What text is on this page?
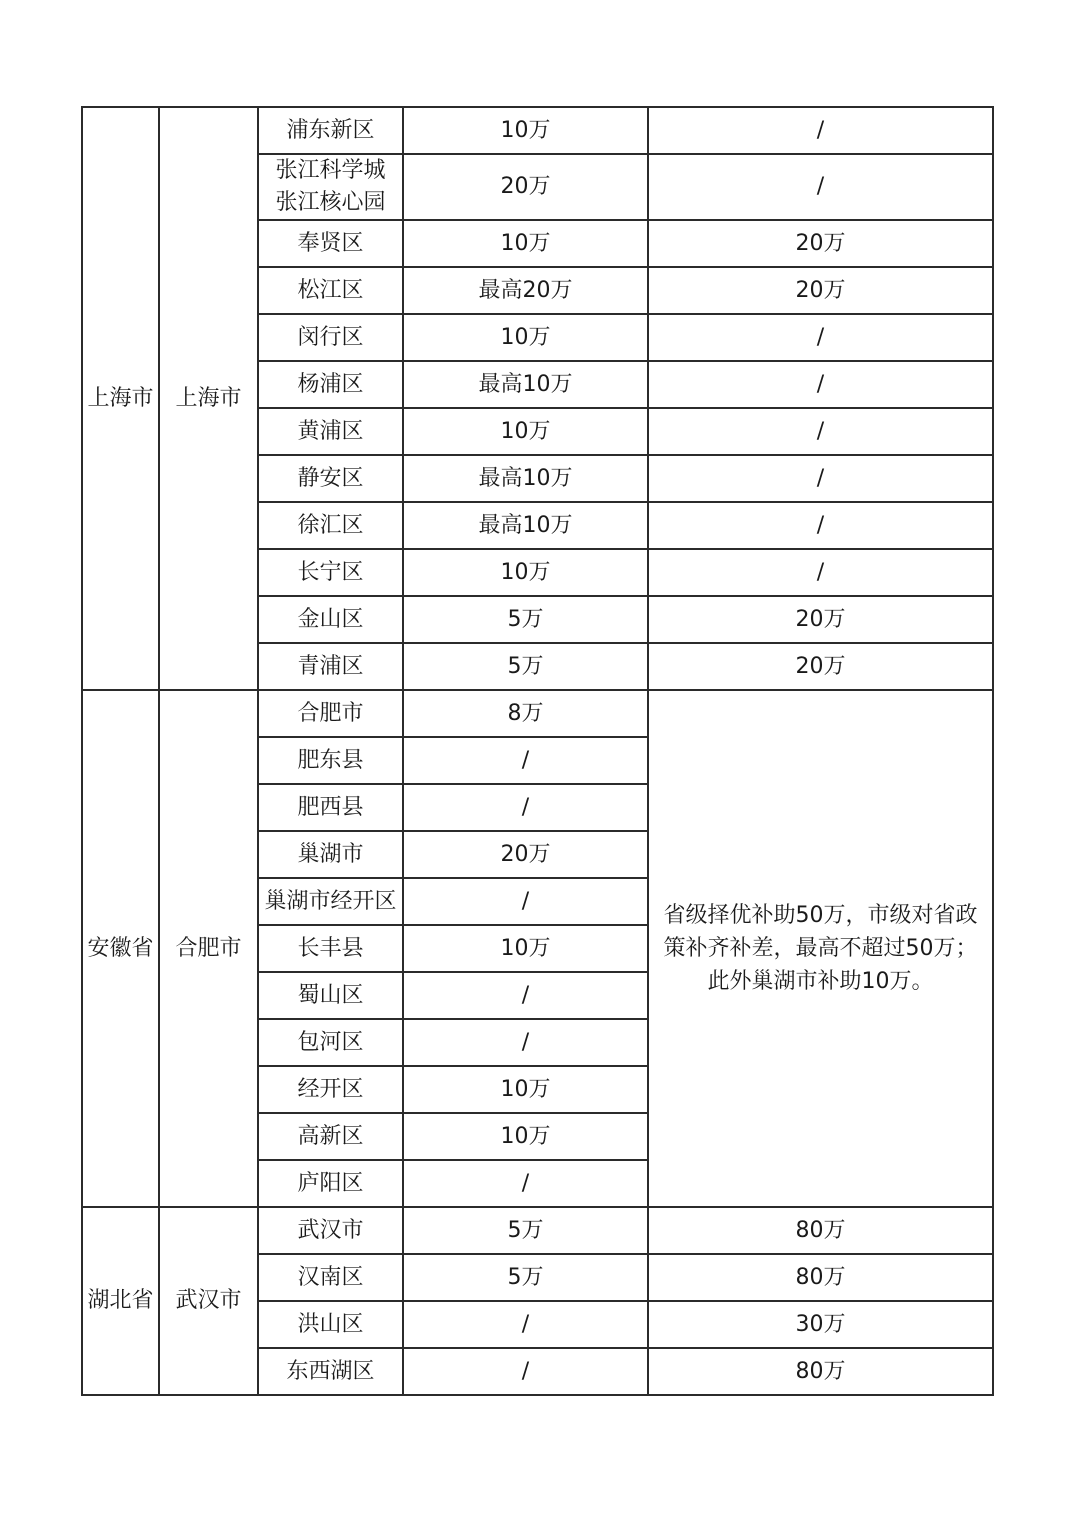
上海市	上海市	浦东新区	10万	/

		张江科学城
张江核心园	20万	/

		奉贤区	10万	20万

		松江区	最高20万	20万

		闵行区	10万	/

		杨浦区	最高10万	/

		黄浦区	10万	/

		静安区	最高10万	/

		徐汇区	最高10万	/

		长宁区	10万	/

		金山区	5万	20万

		青浦区	5万	20万
安徽省	合肥市	合肥市	8万	省级择优补助50万，市级对省政
策补齐补差，最高不超过50万；
此外巢湖市补助10万。

		肥东县	/	

		肥西县	/	

		巢湖市	20万	

		巢湖市经开区	/	

		长丰县	10万	

		蜀山区	/	

		包河区	/	

		经开区	10万	

		高新区	10万	

		庐阳区	/	
湖北省	武汉市	武汉市	5万	80万

		汉南区	5万	80万

		洪山区	/	30万

		东西湖区	/	80万
